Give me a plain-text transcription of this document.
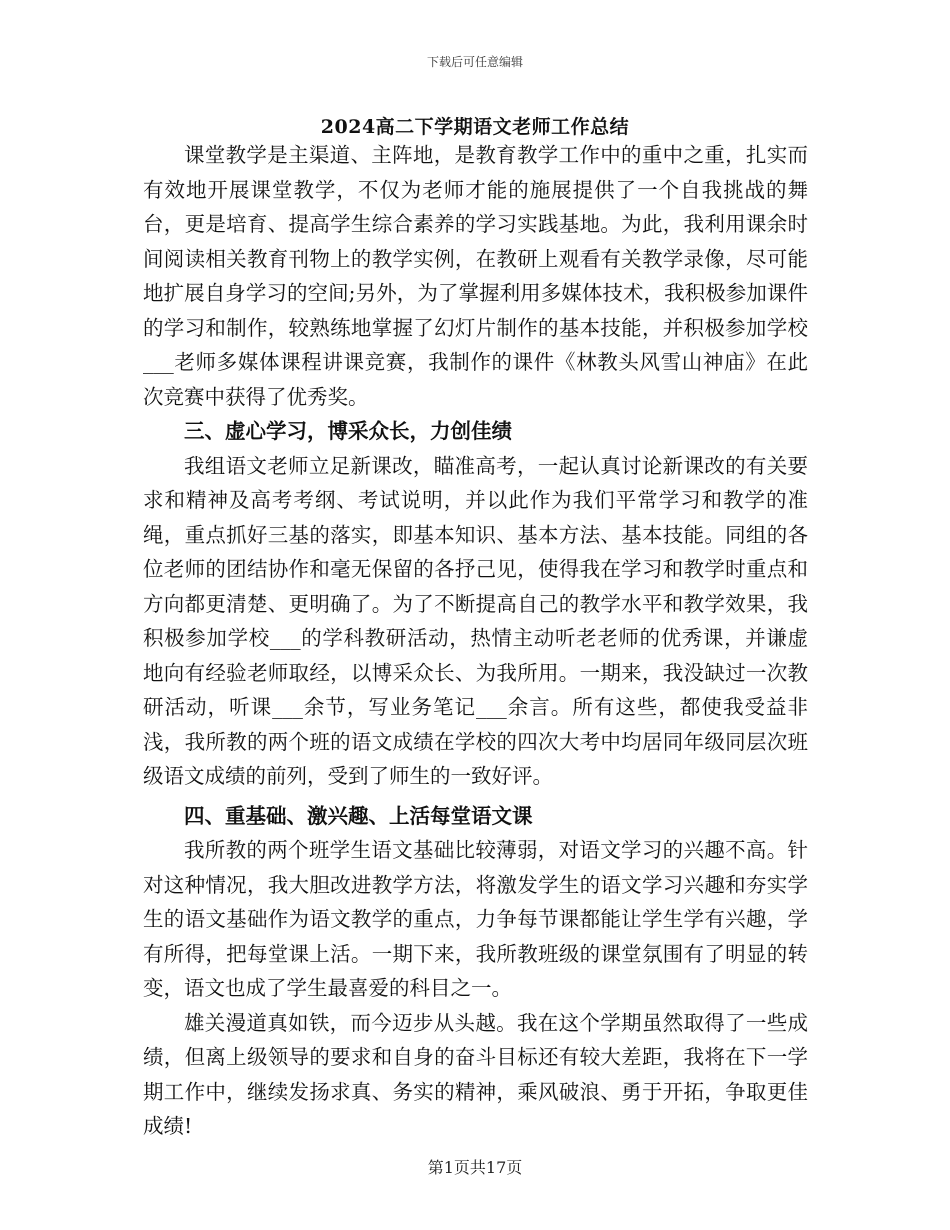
下载后可任意编辑
2024高二下学期语文老师工作总结

课堂教学是主渠道、主阵地，是教育教学工作中的重中之重，扎实而有效地开展课堂教学，不仅为老师才能的施展提供了一个自我挑战的舞台，更是培育、提高学生综合素养的学习实践基地。为此，我利用课余时间阅读相关教育刊物上的教学实例，在教研上观看有关教学录像，尽可能地扩展自身学习的空间;另外，为了掌握利用多媒体技术，我积极参加课件的学习和制作，较熟练地掌握了幻灯片制作的基本技能，并积极参加学校___老师多媒体课程讲课竞赛，我制作的课件《林教头风雪山神庙》在此次竞赛中获得了优秀奖。

三、虚心学习，博采众长，力创佳绩

我组语文老师立足新课改，瞄准高考，一起认真讨论新课改的有关要求和精神及高考考纲、考试说明，并以此作为我们平常学习和教学的准绳，重点抓好三基的落实，即基本知识、基本方法、基本技能。同组的各位老师的团结协作和毫无保留的各抒己见，使得我在学习和教学时重点和方向都更清楚、更明确了。为了不断提高自己的教学水平和教学效果，我积极参加学校___的学科教研活动，热情主动听老老师的优秀课，并谦虚地向有经验老师取经，以博采众长、为我所用。一期来，我没缺过一次教研活动，听课___余节，写业务笔记___余言。所有这些，都使我受益非浅，我所教的两个班的语文成绩在学校的四次大考中均居同年级同层次班级语文成绩的前列，受到了师生的一致好评。

四、重基础、激兴趣、上活每堂语文课

我所教的两个班学生语文基础比较薄弱，对语文学习的兴趣不高。针对这种情况，我大胆改进教学方法，将激发学生的语文学习兴趣和夯实学生的语文基础作为语文教学的重点，力争每节课都能让学生学有兴趣，学有所得，把每堂课上活。一期下来，我所教班级的课堂氛围有了明显的转变，语文也成了学生最喜爱的科目之一。

雄关漫道真如铁，而今迈步从头越。我在这个学期虽然取得了一些成绩，但离上级领导的要求和自身的奋斗目标还有较大差距，我将在下一学期工作中，继续发扬求真、务实的精神，乘风破浪、勇于开拓，争取更佳成绩!

第1页共17页
